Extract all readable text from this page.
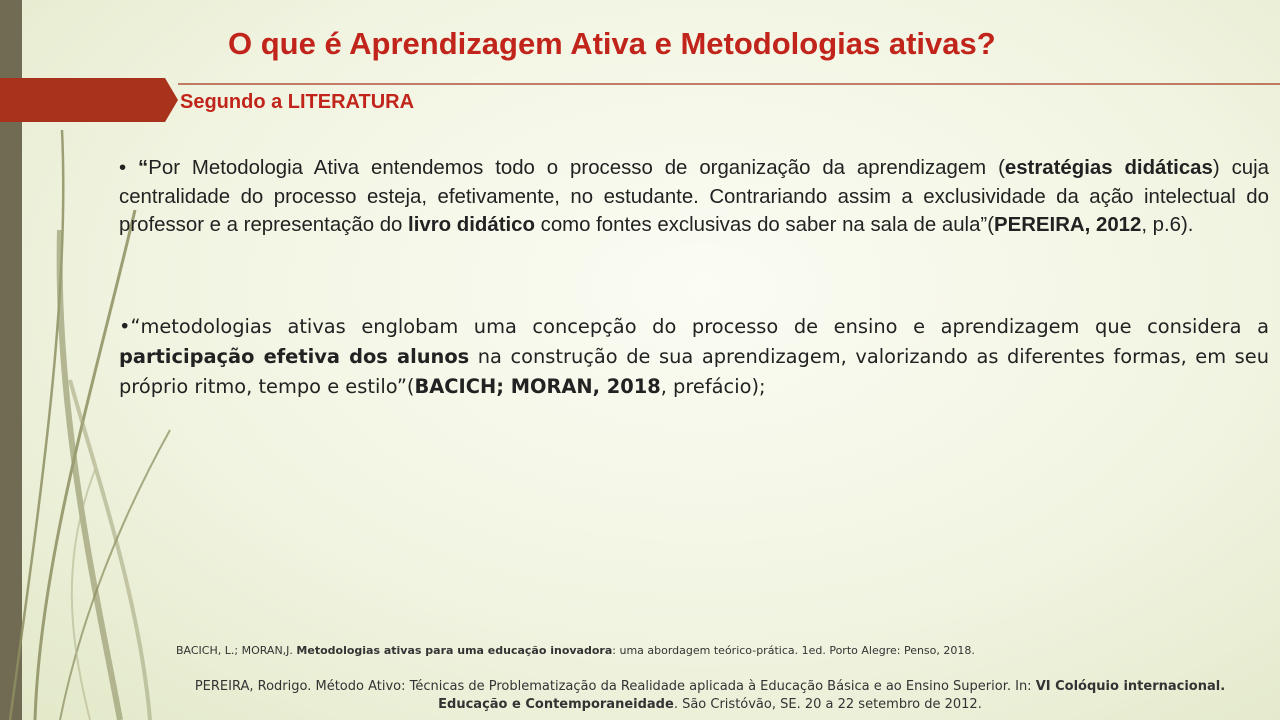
O que é Aprendizagem Ativa e Metodologias ativas?
Segundo a LITERATURA

• “Por Metodologia Ativa entendemos todo o processo de organização da aprendizagem (estratégias didáticas) cuja centralidade do processo esteja, efetivamente, no estudante. Contrariando assim a exclusividade da ação intelectual do professor e a representação do livro didático como fontes exclusivas do saber na sala de aula”(PEREIRA, 2012, p.6).

•“metodologias ativas englobam uma concepção do processo de ensino e aprendizagem que considera a participação efetiva dos alunos na construção de sua aprendizagem, valorizando as diferentes formas, em seu próprio ritmo, tempo e estilo”(BACICH; MORAN, 2018, prefácio);

BACICH, L.; MORAN,J. Metodologias ativas para uma educação inovadora: uma abordagem teórico-prática. 1ed. Porto Alegre: Penso, 2018.
PEREIRA, Rodrigo. Método Ativo: Técnicas de Problematização da Realidade aplicada à Educação Básica e ao Ensino Superior. In: VI Colóquio internacional. Educação e Contemporaneidade. São Cristóvão, SE. 20 a 22 setembro de 2012.
